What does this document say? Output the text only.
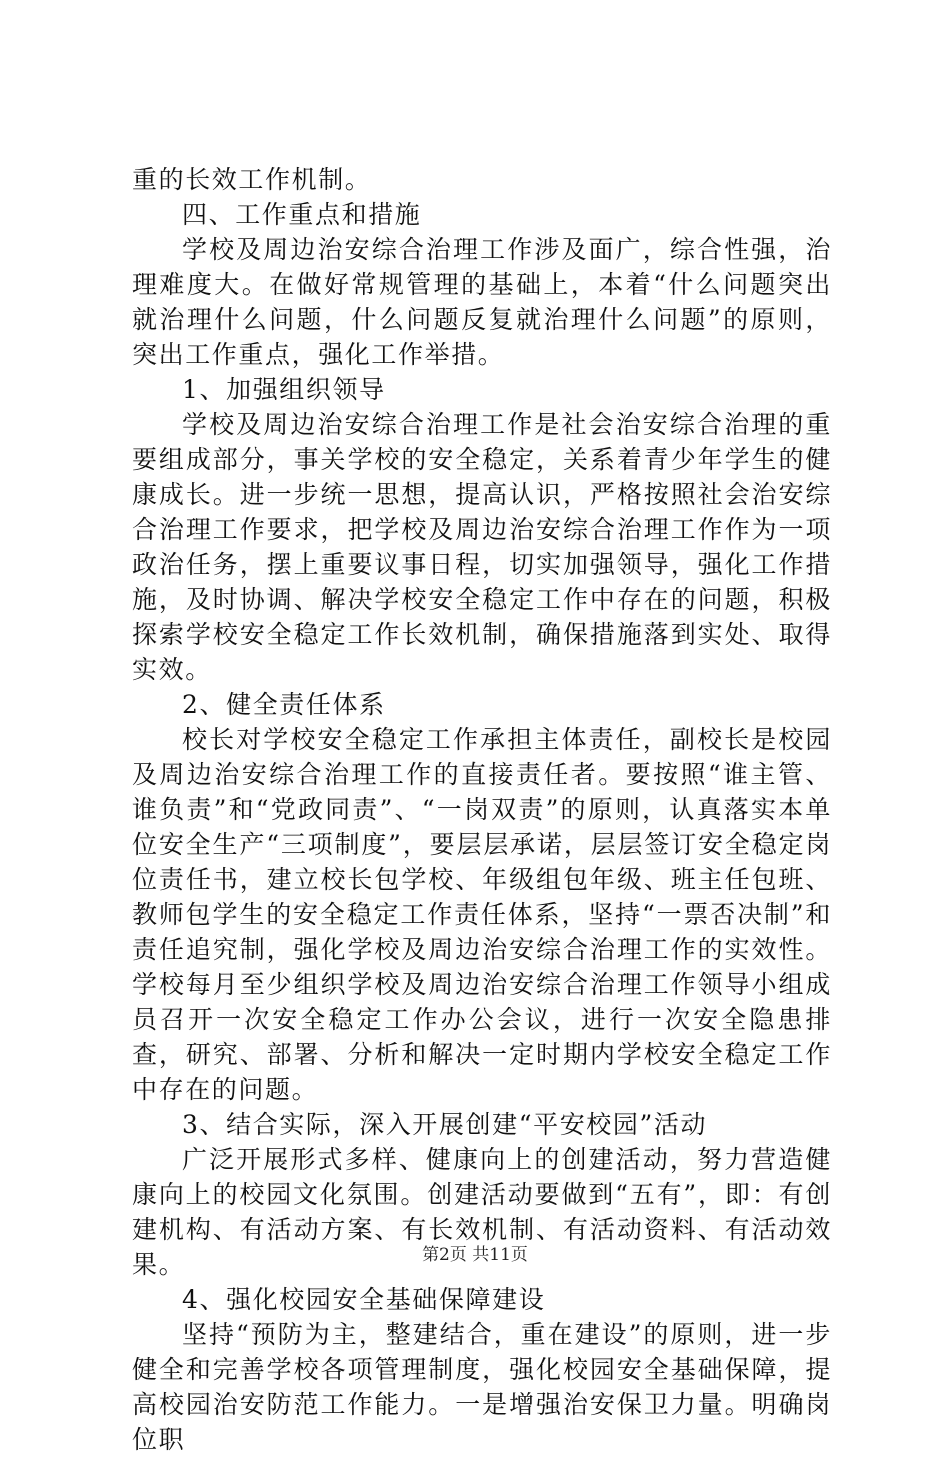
重的长效工作机制。

四、工作重点和措施

学校及周边治安综合治理工作涉及面广，综合性强，治理难度大。在做好常规管理的基础上，本着“什么问题突出就治理什么问题，什么问题反复就治理什么问题”的原则，突出工作重点，强化工作举措。

1、加强组织领导

学校及周边治安综合治理工作是社会治安综合治理的重要组成部分，事关学校的安全稳定，关系着青少年学生的健康成长。进一步统一思想，提高认识，严格按照社会治安综合治理工作要求，把学校及周边治安综合治理工作作为一项政治任务，摆上重要议事日程，切实加强领导，强化工作措施，及时协调、解决学校安全稳定工作中存在的问题，积极探索学校安全稳定工作长效机制，确保措施落到实处、取得实效。

2、健全责任体系

校长对学校安全稳定工作承担主体责任，副校长是校园及周边治安综合治理工作的直接责任者。要按照“谁主管、谁负责”和“党政同责”、“一岗双责”的原则，认真落实本单位安全生产“三项制度”，要层层承诺，层层签订安全稳定岗位责任书，建立校长包学校、年级组包年级、班主任包班、教师包学生的安全稳定工作责任体系，坚持“一票否决制”和责任追究制，强化学校及周边治安综合治理工作的实效性。学校每月至少组织学校及周边治安综合治理工作领导小组成员召开一次安全稳定工作办公会议，进行一次安全隐患排查，研究、部署、分析和解决一定时期内学校安全稳定工作中存在的问题。

3、结合实际，深入开展创建“平安校园”活动

广泛开展形式多样、健康向上的创建活动，努力营造健康向上的校园文化氛围。创建活动要做到“五有”，即：有创建机构、有活动方案、有长效机制、有活动资料、有活动效果。

4、强化校园安全基础保障建设

坚持“预防为主，整建结合，重在建设”的原则，进一步健全和完善学校各项管理制度，强化校园安全基础保障，提高校园治安防范工作能力。一是增强治安保卫力量。明确岗位职

第2页 共11页
